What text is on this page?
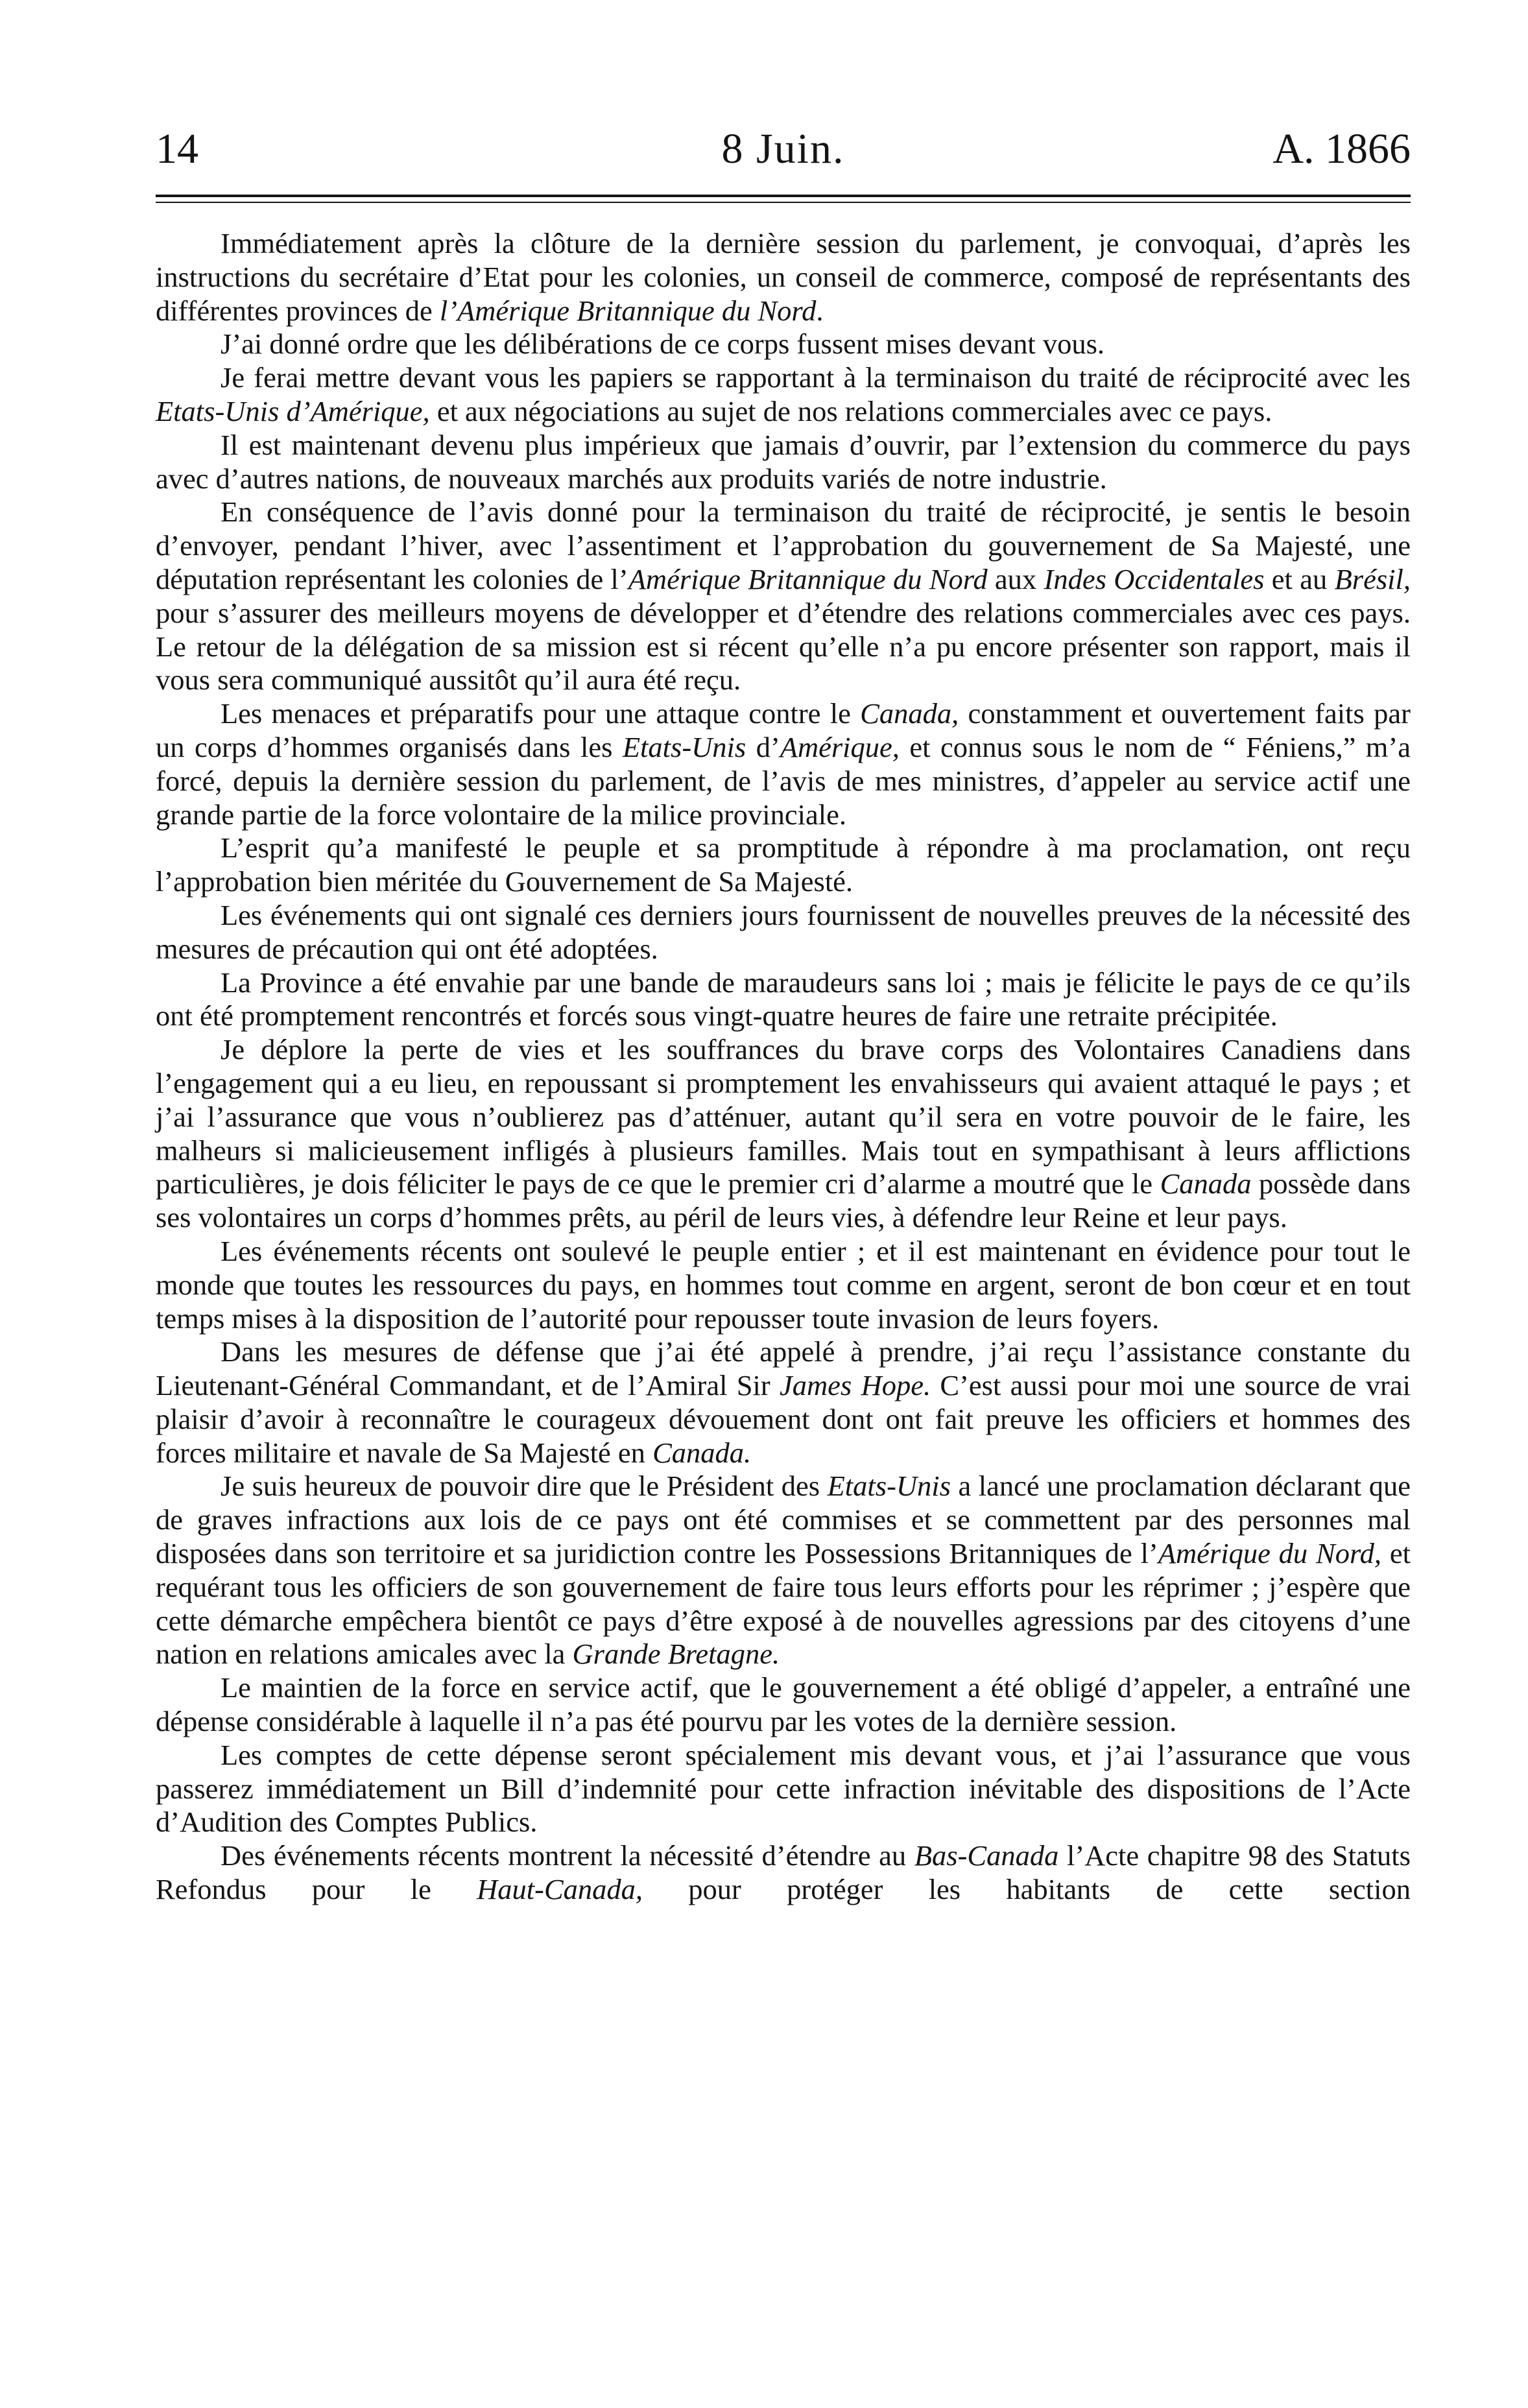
14	8 Juin.	A. 1866

Immédiatement après la clôture de la dernière session du parlement, je convoquai, d’après les instructions du secrétaire d’Etat pour les colonies, un conseil de commerce, composé de représentants des différentes provinces de l’Amérique Britannique du Nord.

J’ai donné ordre que les délibérations de ce corps fussent mises devant vous.

Je ferai mettre devant vous les papiers se rapportant à la terminaison du traité de réciprocité avec les Etats-Unis d’Amérique, et aux négociations au sujet de nos relations commerciales avec ce pays.

Il est maintenant devenu plus impérieux que jamais d’ouvrir, par l’extension du commerce du pays avec d’autres nations, de nouveaux marchés aux produits variés de notre industrie.

En conséquence de l’avis donné pour la terminaison du traité de réciprocité, je sentis le besoin d’envoyer, pendant l’hiver, avec l’assentiment et l’approbation du gouvernement de Sa Majesté, une députation représentant les colonies de l’Amérique Britannique du Nord aux Indes Occidentales et au Brésil, pour s’assurer des meilleurs moyens de développer et d’étendre des relations commerciales avec ces pays. Le retour de la délégation de sa mission est si récent qu’elle n’a pu encore présenter son rapport, mais il vous sera communiqué aussitôt qu’il aura été reçu.

Les menaces et préparatifs pour une attaque contre le Canada, constamment et ouvertement faits par un corps d’hommes organisés dans les Etats-Unis d’Amérique, et connus sous le nom de “ Féniens,” m’a forcé, depuis la dernière session du parlement, de l’avis de mes ministres, d’appeler au service actif une grande partie de la force volontaire de la milice provinciale.

L’esprit qu’a manifesté le peuple et sa promptitude à répondre à ma proclamation, ont reçu l’approbation bien méritée du Gouvernement de Sa Majesté.

Les événements qui ont signalé ces derniers jours fournissent de nouvelles preuves de la nécessité des mesures de précaution qui ont été adoptées.

La Province a été envahie par une bande de maraudeurs sans loi ; mais je félicite le pays de ce qu’ils ont été promptement rencontrés et forcés sous vingt-quatre heures de faire une retraite précipitée.

Je déplore la perte de vies et les souffrances du brave corps des Volontaires Canadiens dans l’engagement qui a eu lieu, en repoussant si promptement les envahisseurs qui avaient attaqué le pays ; et j’ai l’assurance que vous n’oublierez pas d’atténuer, autant qu’il sera en votre pouvoir de le faire, les malheurs si malicieusement infligés à plusieurs familles. Mais tout en sympathisant à leurs afflictions particulières, je dois féliciter le pays de ce que le premier cri d’alarme a moutré que le Canada possède dans ses volontaires un corps d’hommes prêts, au péril de leurs vies, à défendre leur Reine et leur pays.

Les événements récents ont soulevé le peuple entier ; et il est maintenant en évidence pour tout le monde que toutes les ressources du pays, en hommes tout comme en argent, seront de bon cœur et en tout temps mises à la disposition de l’autorité pour repousser toute invasion de leurs foyers.

Dans les mesures de défense que j’ai été appelé à prendre, j’ai reçu l’assistance constante du Lieutenant-Général Commandant, et de l’Amiral Sir James Hope. C’est aussi pour moi une source de vrai plaisir d’avoir à reconnaître le courageux dévouement dont ont fait preuve les officiers et hommes des forces militaire et navale de Sa Majesté en Canada.

Je suis heureux de pouvoir dire que le Président des Etats-Unis a lancé une proclamation déclarant que de graves infractions aux lois de ce pays ont été commises et se commettent par des personnes mal disposées dans son territoire et sa juridiction contre les Possessions Britanniques de l’Amérique du Nord, et requérant tous les officiers de son gouvernement de faire tous leurs efforts pour les réprimer ; j’espère que cette démarche empêchera bientôt ce pays d’être exposé à de nouvelles agressions par des citoyens d’une nation en relations amicales avec la Grande Bretagne.

Le maintien de la force en service actif, que le gouvernement a été obligé d’appeler, a entraîné une dépense considérable à laquelle il n’a pas été pourvu par les votes de la dernière session.

Les comptes de cette dépense seront spécialement mis devant vous, et j’ai l’assurance que vous passerez immédiatement un Bill d’indemnité pour cette infraction inévitable des dispositions de l’Acte d’Audition des Comptes Publics.

Des événements récents montrent la nécessité d’étendre au Bas-Canada l’Acte chapitre 98 des Statuts Refondus pour le Haut-Canada, pour protéger les habitants de cette section
